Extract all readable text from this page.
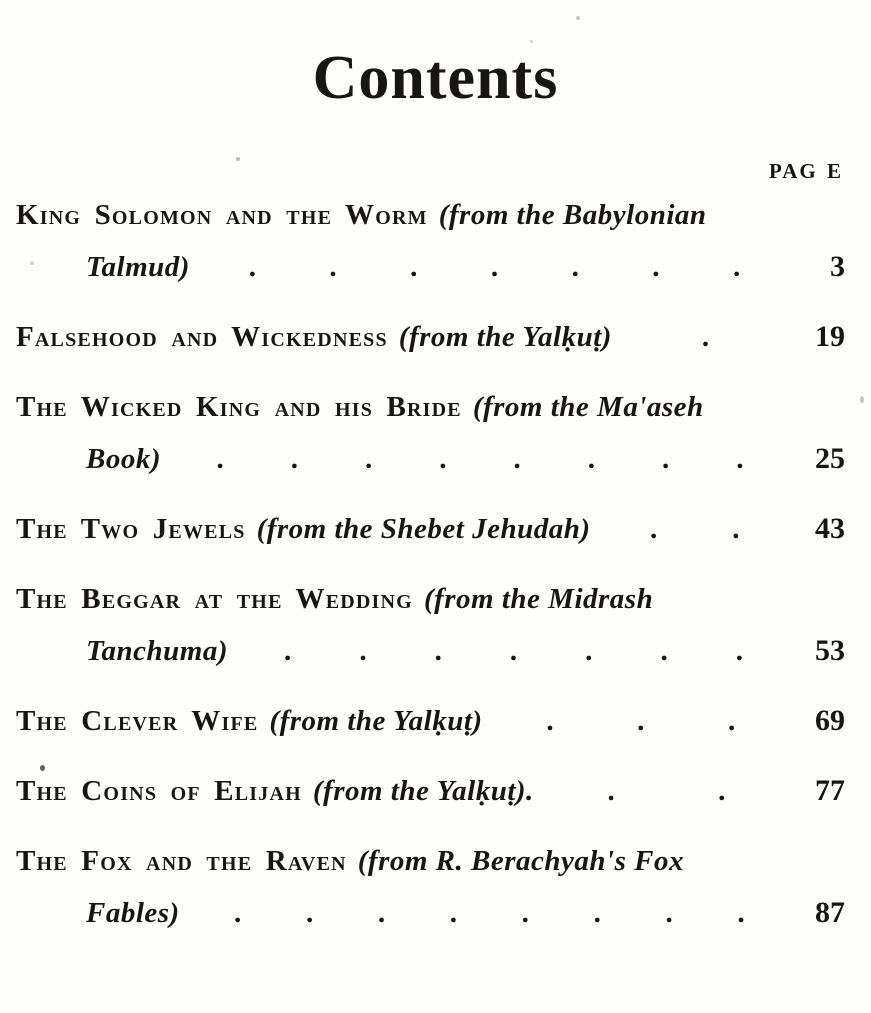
Contents
PAG E
King Solomon and the Worm (from the Babylonian
Talmud) .	.	.	.	.	.	.	3
Falsehood and Wickedness (from the Yalḳuṭ)	.	19
The Wicked King and his Bride (from the Ma'aseh
Book) . . . . . . . .	25
The Two Jewels (from the Shebet Jehudah) .	.	43
The Beggar at the Wedding (from the Midrash
Tanchuma) . . . . . . .	53
The Clever Wife (from the Yalḳuṭ) .	.	.	69
The Coins of Elijah (from the Yalḳuṭ).	.	.	77
The Fox and the Raven (from R. Berachyah's Fox
Fables) . . . . . . . .	87
